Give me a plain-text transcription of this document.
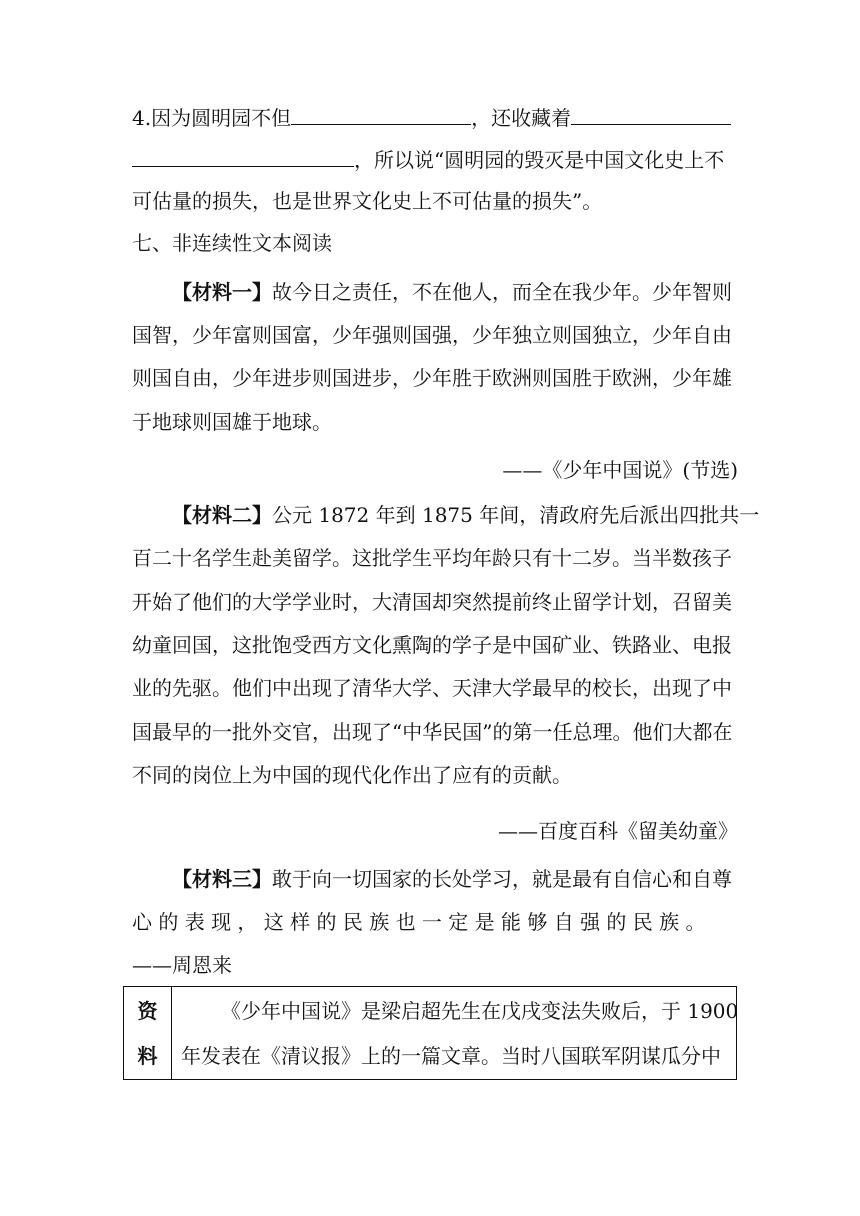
4.因为圆明园不但	，还收藏着
，所以说“圆明园的毁灭是中国文化史上不
可估量的损失，也是世界文化史上不可估量的损失”。
七、非连续性文本阅读
【材料一】故今日之责任，不在他人，而全在我少年。少年智则
国智，少年富则国富，少年强则国强，少年独立则国独立，少年自由
则国自由，少年进步则国进步，少年胜于欧洲则国胜于欧洲，少年雄
于地球则国雄于地球。
——《少年中国说》(节选)
【材料二】公元 1872 年到 1875 年间，清政府先后派出四批共一
百二十名学生赴美留学。这批学生平均年龄只有十二岁。当半数孩子
开始了他们的大学学业时，大清国却突然提前终止留学计划，召留美
幼童回国，这批饱受西方文化熏陶的学子是中国矿业、铁路业、电报
业的先驱。他们中出现了清华大学、天津大学最早的校长，出现了中
国最早的一批外交官，出现了“中华民国”的第一任总理。他们大都在
不同的岗位上为中国的现代化作出了应有的贡献。
——百度百科《留美幼童》
【材料三】敢于向一切国家的长处学习，就是最有自信心和自尊
心 的 表 现 ， 这 样 的 民 族 也 一 定 是 能 够 自 强 的 民 族 。
——周恩来
资
料
《少年中国说》是梁启超先生在戊戌变法失败后，于 1900
年发表在《清议报》上的一篇文章。当时八国联军阴谋瓜分中
